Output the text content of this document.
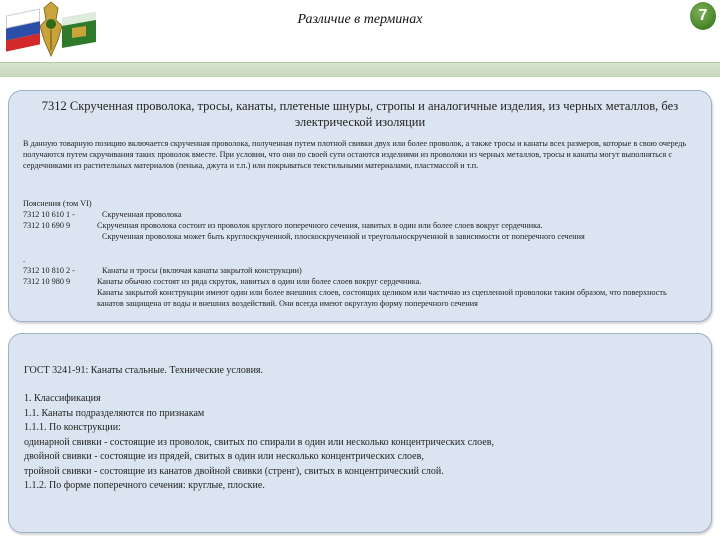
Различие в терминах	7
7312 Скрученная проволока, тросы, канаты, плетеные шнуры, стропы и аналогичные изделия, из черных металлов, без электрической изоляции
В данную товарную позицию включается скрученная проволока, полученная путем плотной свивки двух или более проволок, а также тросы и канаты всех размеров, которые в свою очередь получаются путем скручивания таких проволок вместе. При условии, что они по своей сути остаются изделиями из проволоки из черных металлов, тросы и канаты могут выполняться с сердечниками из растительных материалов (пенька, джута и т.п.) или покрываться текстильными материалами, пластмассой и т.п.
Пояснения (том VI)
7312 10 610 1 -	Скрученная проволока
7312 10 690 9	Скрученная проволока состоит из проволок круглого поперечного сечения, навитых в один или более слоев вокруг сердечника.
Скрученная проволока может быть круглоскрученной, плоскоскрученной и треугольноскрученной в зависимости от поперечного сечения
.
7312 10 810 2 -	Канаты и тросы (включая канаты закрытой конструкции)
7312 10 980 9	Канаты обычно состоят из ряда скруток, навитых в один или более слоев вокруг сердечника.
Канаты закрытой конструкции имеют один или более внешних слоев, состоящих целиком или частично из сцепленной проволоки таким образом, что поверхность канатов защищена от воды и внешних воздействий. Они всегда имеют округлую форму поперечного сечения
ГОСТ 3241-91: Канаты стальные. Технические условия.
1. Классификация
1.1. Канаты подразделяются по признакам
1.1.1. По конструкции:
одинарной свивки - состоящие из проволок, свитых по спирали в один или несколько концентрических слоев,
двойной свивки - состоящие из прядей, свитых в один или несколько концентрических слоев,
тройной свивки - состоящие из канатов двойной свивки (стренг), свитых в концентрический слой.
1.1.2. По форме поперечного сечения: круглые, плоские.
